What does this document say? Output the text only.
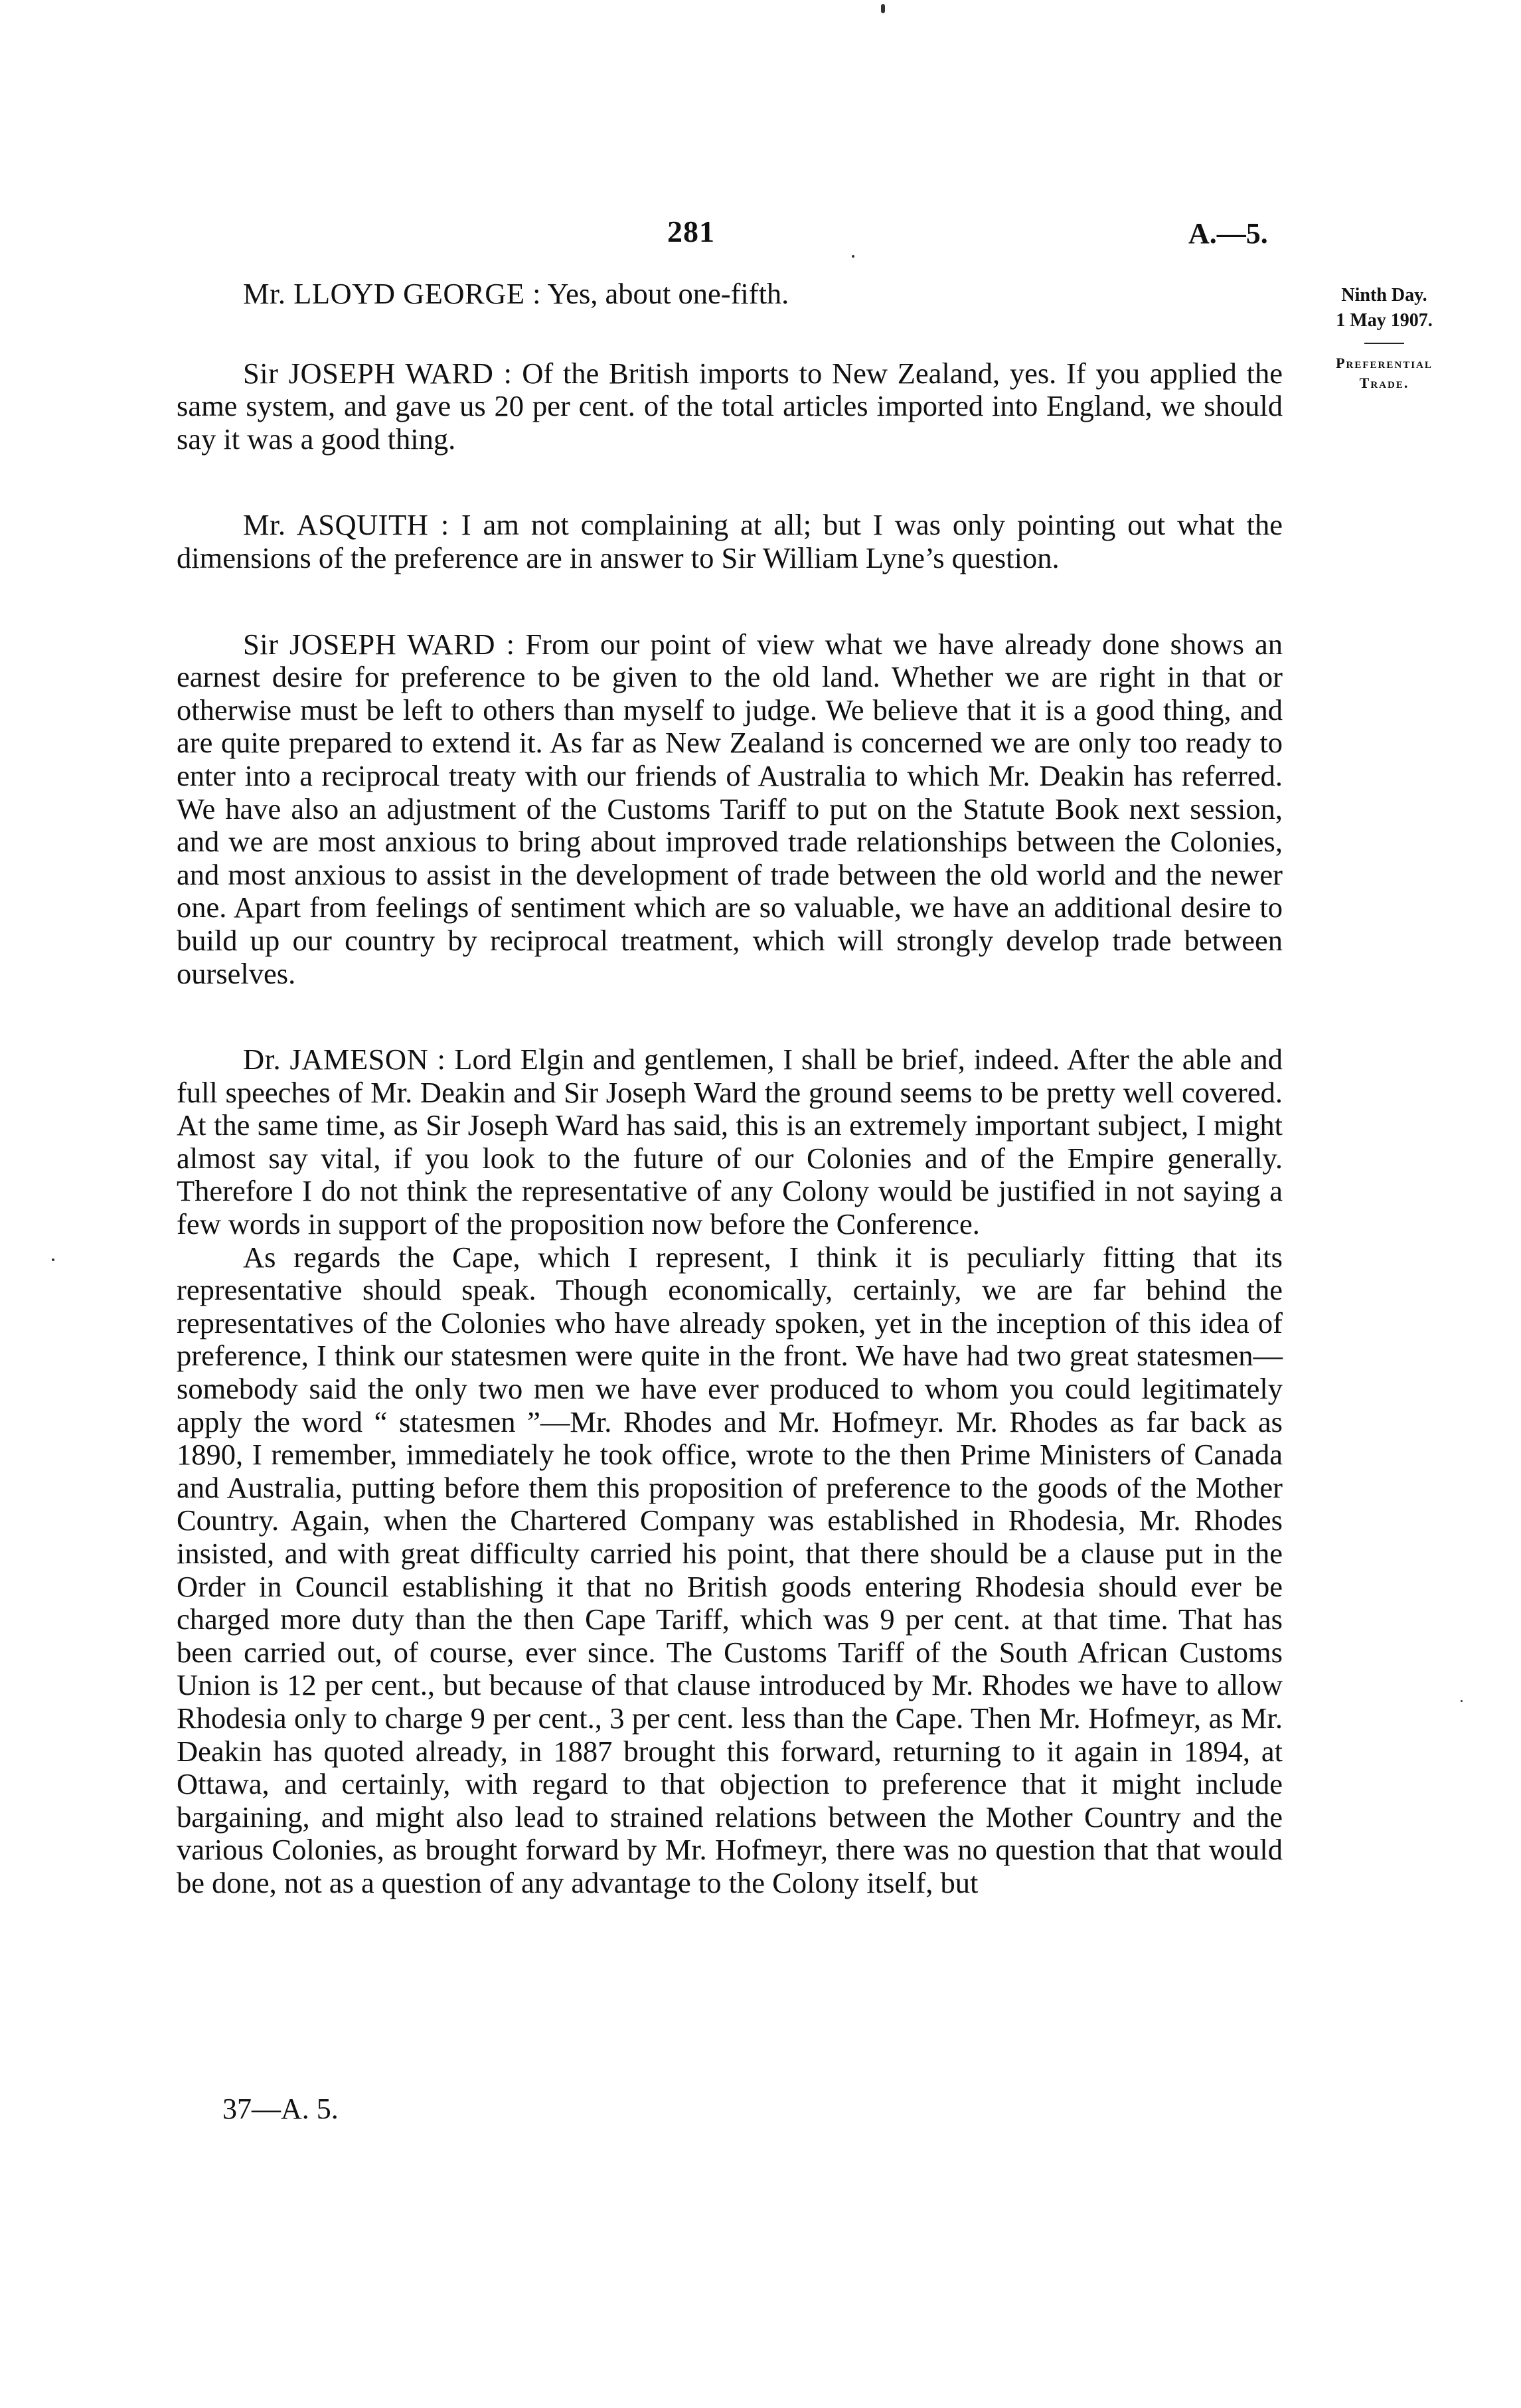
281	A.—5.
Ninth Day.
1 May 1907.
Preferential
Trade.

Mr. LLOYD GEORGE : Yes, about one-fifth.

Sir JOSEPH WARD : Of the British imports to New Zealand, yes. If you applied the same system, and gave us 20 per cent. of the total articles imported into England, we should say it was a good thing.

Mr. ASQUITH : I am not complaining at all; but I was only pointing out what the dimensions of the preference are in answer to Sir William Lyne’s question.

Sir JOSEPH WARD : From our point of view what we have already done shows an earnest desire for preference to be given to the old land. Whether we are right in that or otherwise must be left to others than myself to judge. We believe that it is a good thing, and are quite prepared to extend it. As far as New Zealand is concerned we are only too ready to enter into a reciprocal treaty with our friends of Australia to which Mr. Deakin has referred. We have also an adjustment of the Customs Tariff to put on the Statute Book next session, and we are most anxious to bring about improved trade relationships between the Colonies, and most anxious to assist in the development of trade between the old world and the newer one. Apart from feelings of sentiment which are so valuable, we have an additional desire to build up our country by reciprocal treatment, which will strongly develop trade between ourselves.

Dr. JAMESON : Lord Elgin and gentlemen, I shall be brief, indeed. After the able and full speeches of Mr. Deakin and Sir Joseph Ward the ground seems to be pretty well covered. At the same time, as Sir Joseph Ward has said, this is an extremely important subject, I might almost say vital, if you look to the future of our Colonies and of the Empire generally. Therefore I do not think the representative of any Colony would be justified in not saying a few words in support of the proposition now before the Conference.

As regards the Cape, which I represent, I think it is peculiarly fitting that its representative should speak. Though economically, certainly, we are far behind the representatives of the Colonies who have already spoken, yet in the inception of this idea of preference, I think our statesmen were quite in the front. We have had two great statesmen—somebody said the only two men we have ever produced to whom you could legitimately apply the word “ statesmen ”—Mr. Rhodes and Mr. Hofmeyr. Mr. Rhodes as far back as 1890, I remember, immediately he took office, wrote to the then Prime Ministers of Canada and Australia, putting before them this proposition of preference to the goods of the Mother Country. Again, when the Chartered Company was established in Rhodesia, Mr. Rhodes insisted, and with great difficulty carried his point, that there should be a clause put in the Order in Council establishing it that no British goods entering Rhodesia should ever be charged more duty than the then Cape Tariff, which was 9 per cent. at that time. That has been carried out, of course, ever since. The Customs Tariff of the South African Customs Union is 12 per cent., but because of that clause introduced by Mr. Rhodes we have to allow Rhodesia only to charge 9 per cent., 3 per cent. less than the Cape. Then Mr. Hofmeyr, as Mr. Deakin has quoted already, in 1887 brought this forward, returning to it again in 1894, at Ottawa, and certainly, with regard to that objection to preference that it might include bargaining, and might also lead to strained relations between the Mother Country and the various Colonies, as brought forward by Mr. Hofmeyr, there was no question that that would be done, not as a question of any advantage to the Colony itself, but

37—A. 5.
